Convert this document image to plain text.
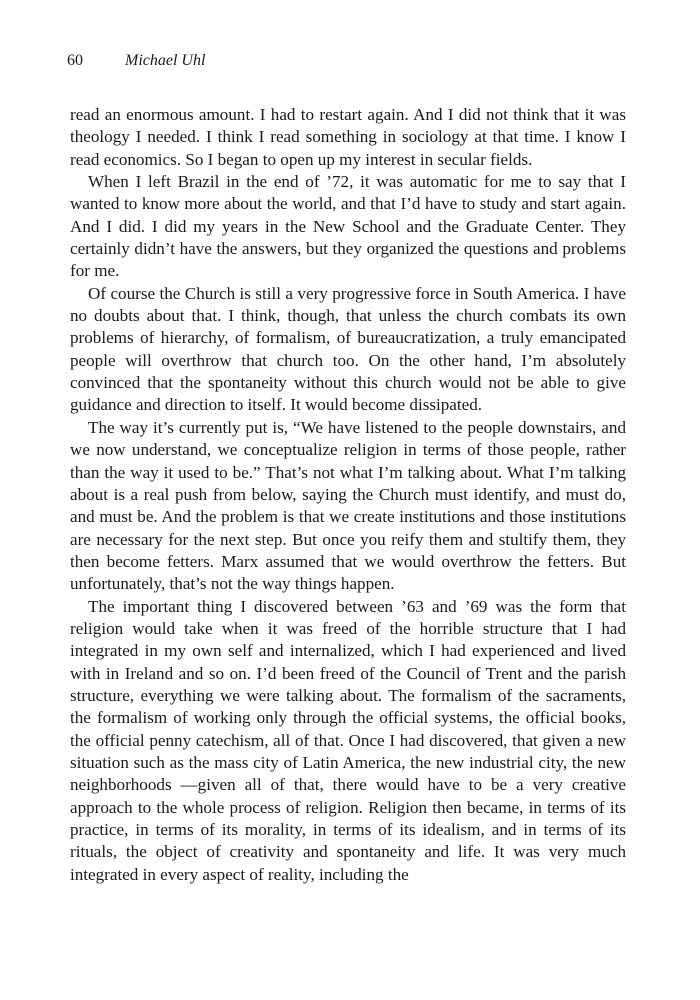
60	Michael Uhl

read an enormous amount. I had to restart again. And I did not think that it was theology I needed. I think I read something in sociology at that time. I know I read economics. So I began to open up my interest in secular fields.

When I left Brazil in the end of ’72, it was automatic for me to say that I wanted to know more about the world, and that I’d have to study and start again. And I did. I did my years in the New School and the Graduate Center. They certainly didn’t have the answers, but they organized the questions and problems for me.

Of course the Church is still a very progressive force in South America. I have no doubts about that. I think, though, that unless the church combats its own problems of hierarchy, of formalism, of bureaucratization, a truly emancipated people will overthrow that church too. On the other hand, I’m absolutely convinced that the spontaneity without this church would not be able to give guidance and direction to itself. It would become dissipated.

The way it’s currently put is, “We have listened to the people downstairs, and we now understand, we conceptualize religion in terms of those people, rather than the way it used to be.” That’s not what I’m talking about. What I’m talking about is a real push from below, saying the Church must identify, and must do, and must be. And the problem is that we create institutions and those institutions are necessary for the next step. But once you reify them and stultify them, they then become fetters. Marx assumed that we would overthrow the fetters. But unfortunately, that’s not the way things happen.

The important thing I discovered between ’63 and ’69 was the form that religion would take when it was freed of the horrible structure that I had integrated in my own self and internalized, which I had experienced and lived with in Ireland and so on. I’d been freed of the Council of Trent and the parish structure, everything we were talking about. The formalism of the sacraments, the formalism of working only through the official systems, the official books, the official penny catechism, all of that. Once I had discovered, that given a new situation such as the mass city of Latin America, the new industrial city, the new neighborhoods —given all of that, there would have to be a very creative approach to the whole process of religion. Religion then became, in terms of its practice, in terms of its morality, in terms of its idealism, and in terms of its rituals, the object of creativity and spontaneity and life. It was very much integrated in every aspect of reality, including the
